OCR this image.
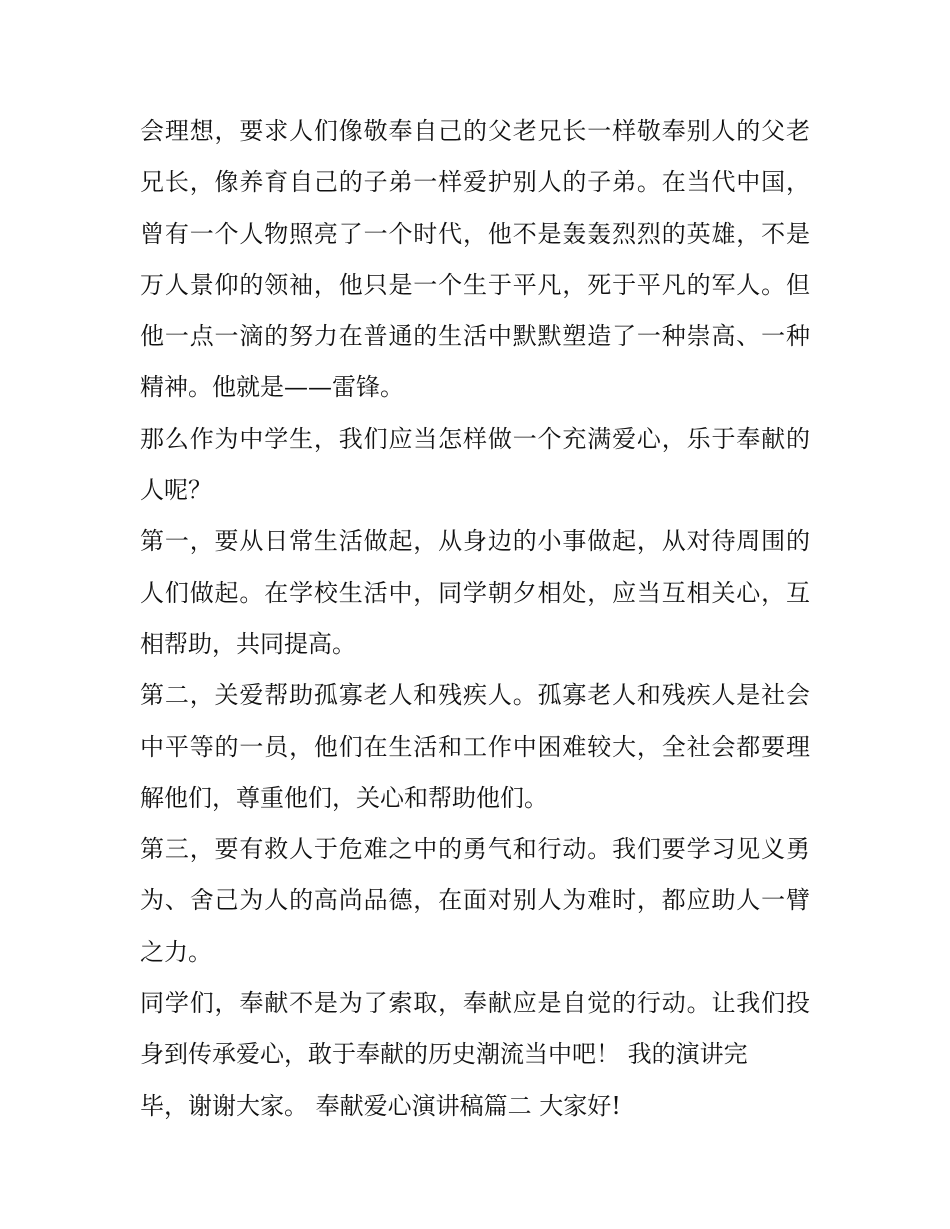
会理想，要求人们像敬奉自己的父老兄长一样敬奉别人的父老
兄长，像养育自己的子弟一样爱护别人的子弟。在当代中国，
曾有一个人物照亮了一个时代，他不是轰轰烈烈的英雄，不是
万人景仰的领袖，他只是一个生于平凡，死于平凡的军人。但
他一点一滴的努力在普通的生活中默默塑造了一种崇高、一种
精神。他就是——雷锋。
那么作为中学生，我们应当怎样做一个充满爱心，乐于奉献的
人呢？
第一，要从日常生活做起，从身边的小事做起，从对待周围的
人们做起。在学校生活中，同学朝夕相处，应当互相关心，互
相帮助，共同提高。
第二，关爱帮助孤寡老人和残疾人。孤寡老人和残疾人是社会
中平等的一员，他们在生活和工作中困难较大，全社会都要理
解他们，尊重他们，关心和帮助他们。
第三，要有救人于危难之中的勇气和行动。我们要学习见义勇
为、舍己为人的高尚品德，在面对别人为难时，都应助人一臂
之力。
同学们，奉献不是为了索取，奉献应是自觉的行动。让我们投
身到传承爱心，敢于奉献的历史潮流当中吧！ 我的演讲完
毕，谢谢大家。 奉献爱心演讲稿篇二 大家好!
